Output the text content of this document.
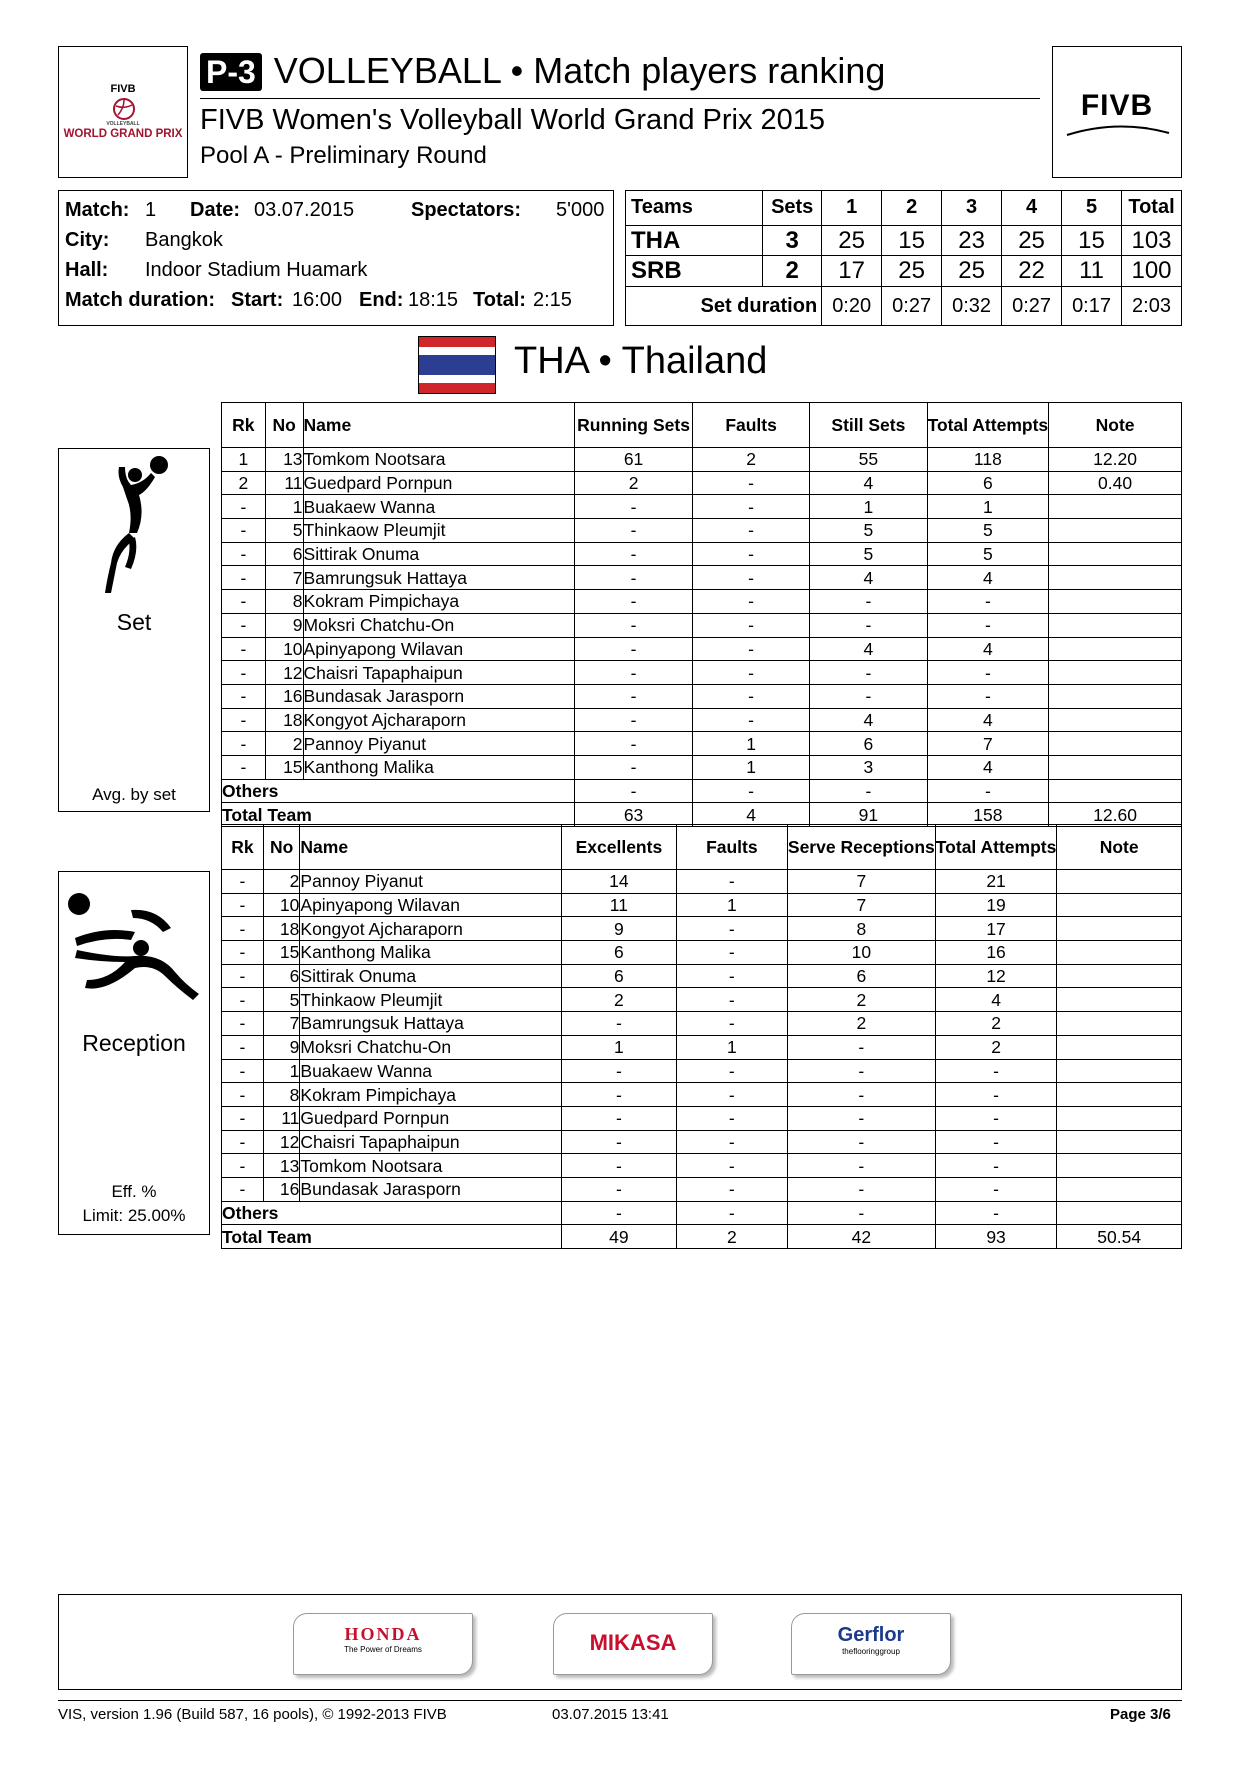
FIVB
VOLLEYBALL
WORLD GRAND PRIX
P-3 VOLLEYBALL • Match players ranking
FIVB Women's Volleyball World Grand Prix 2015
Pool A - Preliminary Round
FIVB
Match: 1 Date: 03.07.2015	Spectators: 5'000
City: Bangkok
Hall: Indoor Stadium Huamark
Match duration: Start: 16:00 End: 18:15 Total: 2:15
Teams	Sets	1	2	3	4	5	Total
THA	3	25	15	23	25	15	103
SRB	2	17	25	25	22	11	100
Set duration		0:20	0:27	0:32	0:27	0:17	2:03
THA • Thailand
Set
Avg. by set
Rk	No	Name	Running Sets	Faults	Still Sets	Total Attempts	Note
1	13	Tomkom Nootsara	61	2	55	118	12.20
2	11	Guedpard Pornpun	2	-	4	6	0.40
-	1	Buakaew Wanna	-	-	1	1	
-	5	Thinkaow Pleumjit	-	-	5	5	
-	6	Sittirak Onuma	-	-	5	5	
-	7	Bamrungsuk Hattaya	-	-	4	4	
-	8	Kokram Pimpichaya	-	-	-	-	
-	9	Moksri Chatchu-On	-	-	-	-	
-	10	Apinyapong Wilavan	-	-	4	4	
-	12	Chaisri Tapaphaipun	-	-	-	-	
-	16	Bundasak Jarasporn	-	-	-	-	
-	18	Kongyot Ajcharaporn	-	-	4	4	
-	2	Pannoy Piyanut	-	1	6	7	
-	15	Kanthong Malika	-	1	3	4	
Others			-	-	-	-	
Total Team			63	4	91	158	12.60
Reception
Eff. %
Limit: 25.00%
Rk	No	Name	Excellents	Faults	Serve Receptions	Total Attempts	Note
-	2	Pannoy Piyanut	14	-	7	21	
-	10	Apinyapong Wilavan	11	1	7	19	
-	18	Kongyot Ajcharaporn	9	-	8	17	
-	15	Kanthong Malika	6	-	10	16	
-	6	Sittirak Onuma	6	-	6	12	
-	5	Thinkaow Pleumjit	2	-	2	4	
-	7	Bamrungsuk Hattaya	-	-	2	2	
-	9	Moksri Chatchu-On	1	1	-	2	
-	1	Buakaew Wanna	-	-	-	-	
-	8	Kokram Pimpichaya	-	-	-	-	
-	11	Guedpard Pornpun	-	-	-	-	
-	12	Chaisri Tapaphaipun	-	-	-	-	
-	13	Tomkom Nootsara	-	-	-	-	
-	16	Bundasak Jarasporn	-	-	-	-	
Others			-	-	-	-	
Total Team			49	2	42	93	50.54
HONDA
The Power of Dreams	MIKASA	Gerflor
theflooringgroup
VIS, version 1.96 (Build 587, 16 pools), © 1992-2013 FIVB	03.07.2015 13:41	Page 3/6
